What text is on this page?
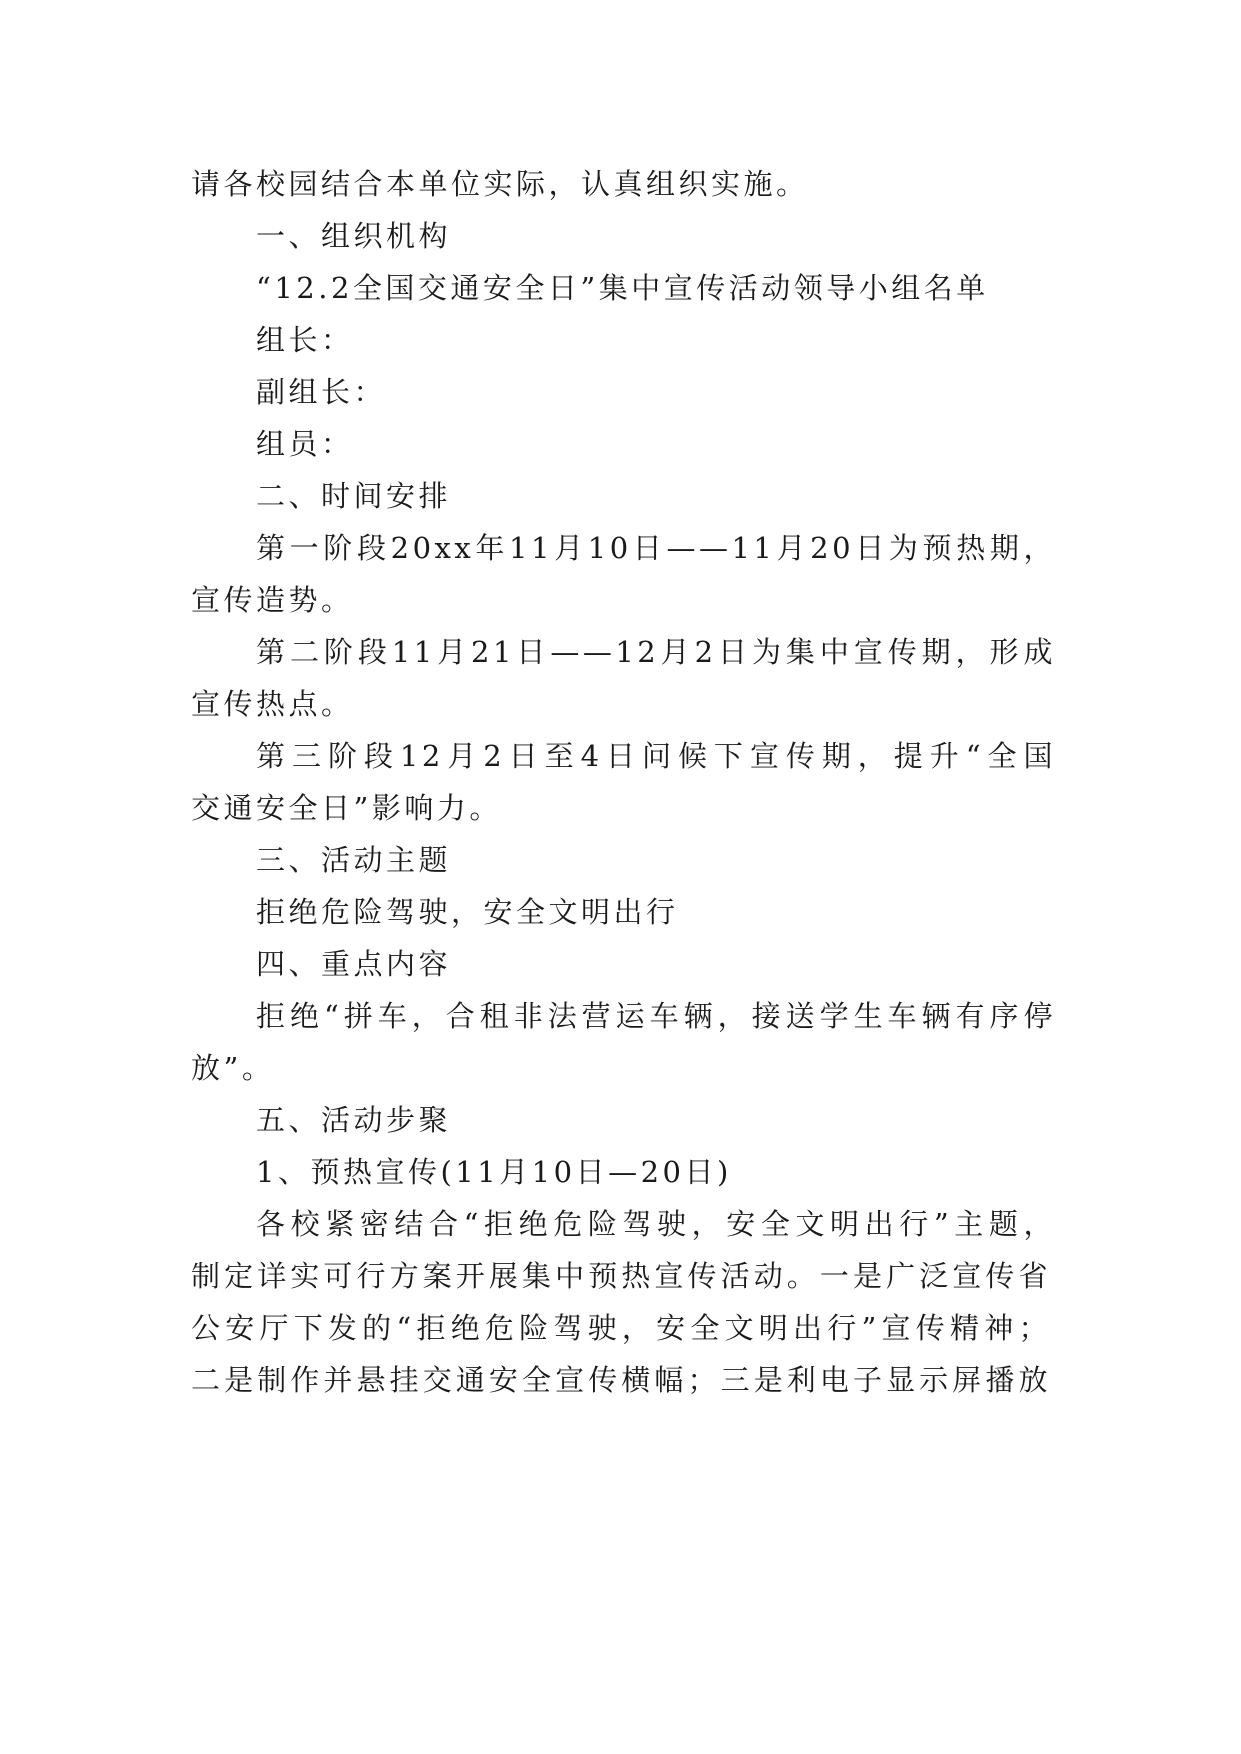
请各校园结合本单位实际，认真组织实施。
一、组织机构
“12.2全国交通安全日”集中宣传活动领导小组名单
组长：
副组长：
组员：
二、时间安排
第一阶段20xx年11月10日——11月20日为预热期，
宣传造势。
第二阶段11月21日——12月2日为集中宣传期，形成
宣传热点。
第三阶段12月2日至4日问候下宣传期，提升“全国
交通安全日”影响力。
三、活动主题
拒绝危险驾驶，安全文明出行
四、重点内容
拒绝“拼车，合租非法营运车辆，接送学生车辆有序停
放”。
五、活动步聚
1、预热宣传(11月10日—20日)
各校紧密结合“拒绝危险驾驶，安全文明出行”主题，
制定详实可行方案开展集中预热宣传活动。一是广泛宣传省
公安厅下发的“拒绝危险驾驶，安全文明出行”宣传精神；
二是制作并悬挂交通安全宣传横幅；三是利电子显示屏播放
